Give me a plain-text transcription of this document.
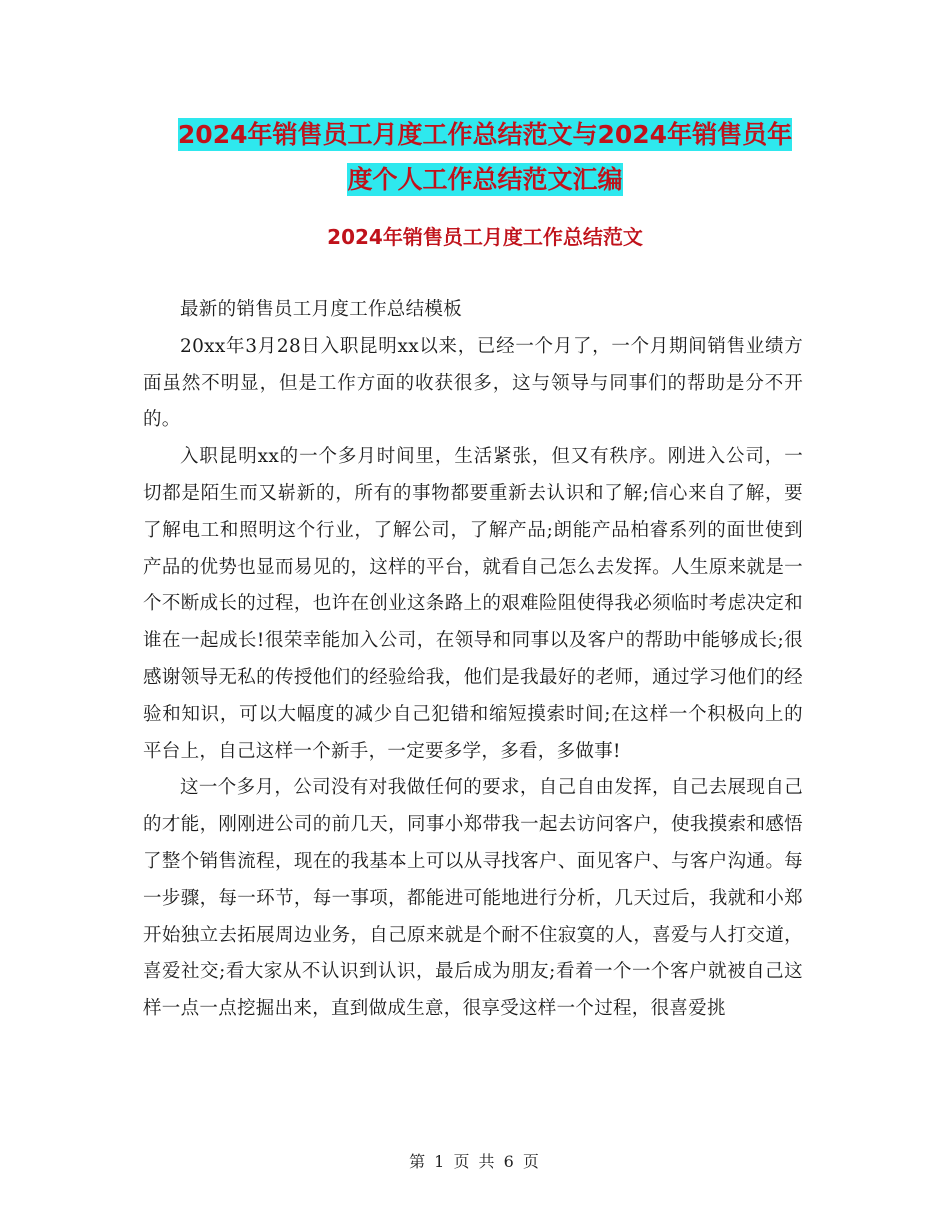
2024年销售员工月度工作总结范文与2024年销售员年
度个人工作总结范文汇编
2024年销售员工月度工作总结范文

最新的销售员工月度工作总结模板

20xx年3月28日入职昆明xx以来，已经一个月了，一个月期间销售业绩方面虽然不明显，但是工作方面的收获很多，这与领导与同事们的帮助是分不开的。

入职昆明xx的一个多月时间里，生活紧张，但又有秩序。刚进入公司，一切都是陌生而又崭新的，所有的事物都要重新去认识和了解;信心来自了解，要了解电工和照明这个行业，了解公司，了解产品;朗能产品柏睿系列的面世使到产品的优势也显而易见的，这样的平台，就看自己怎么去发挥。人生原来就是一个不断成长的过程，也许在创业这条路上的艰难险阻使得我必须临时考虑决定和谁在一起成长!很荣幸能加入公司，在领导和同事以及客户的帮助中能够成长;很感谢领导无私的传授他们的经验给我，他们是我最好的老师，通过学习他们的经验和知识，可以大幅度的减少自己犯错和缩短摸索时间;在这样一个积极向上的平台上，自己这样一个新手，一定要多学，多看，多做事!

这一个多月，公司没有对我做任何的要求，自己自由发挥，自己去展现自己的才能，刚刚进公司的前几天，同事小郑带我一起去访问客户，使我摸索和感悟了整个销售流程，现在的我基本上可以从寻找客户、面见客户、与客户沟通。每一步骤，每一环节，每一事项，都能进可能地进行分析，几天过后，我就和小郑开始独立去拓展周边业务，自己原来就是个耐不住寂寞的人，喜爱与人打交道，喜爱社交;看大家从不认识到认识，最后成为朋友;看着一个一个客户就被自己这样一点一点挖掘出来，直到做成生意，很享受这样一个过程，很喜爱挑

第 1 页 共 6 页
